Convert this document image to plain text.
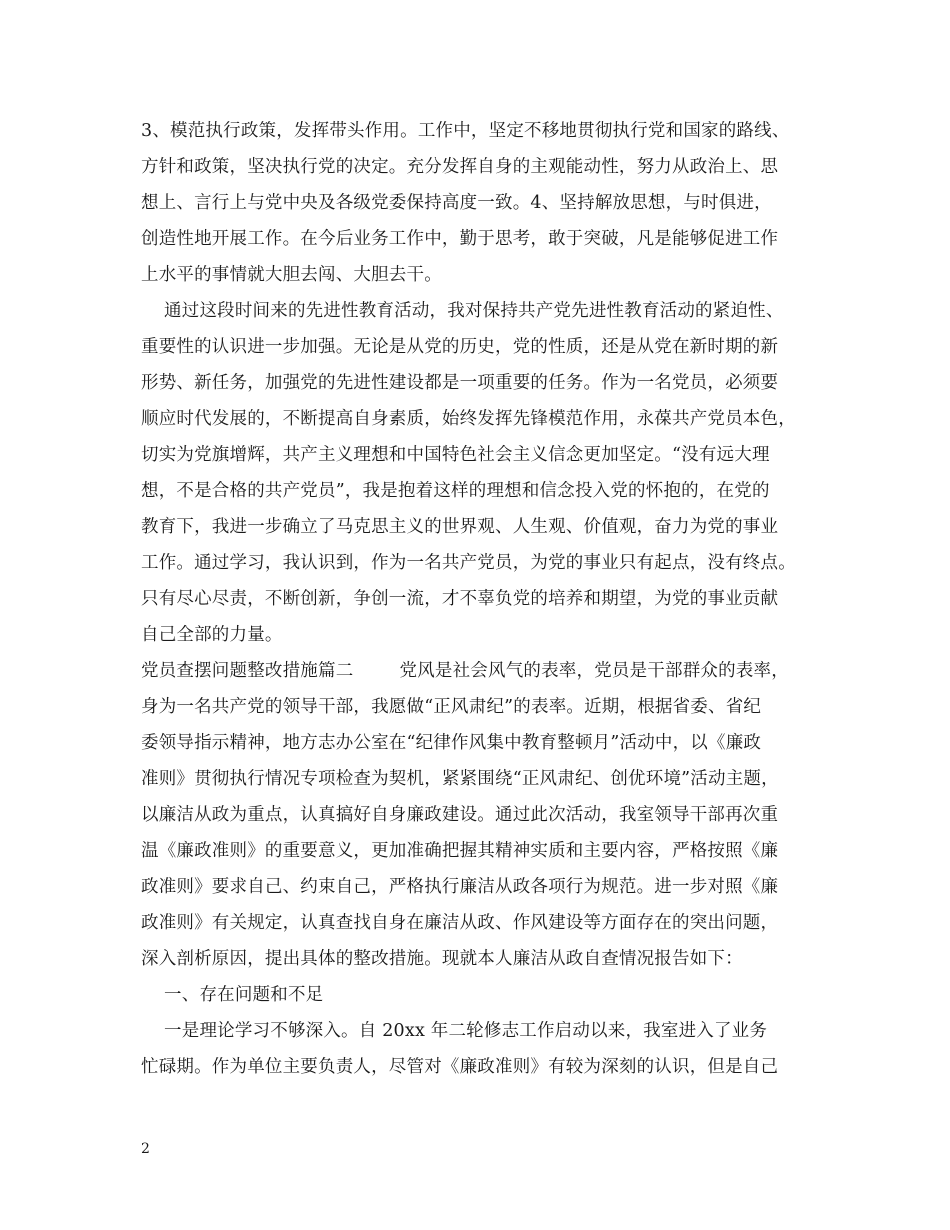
3、模范执行政策，发挥带头作用。工作中，坚定不移地贯彻执行党和国家的路线、
方针和政策，坚决执行党的决定。充分发挥自身的主观能动性，努力从政治上、思
想上、言行上与党中央及各级党委保持高度一致。4、坚持解放思想，与时俱进，
创造性地开展工作。在今后业务工作中，勤于思考，敢于突破，凡是能够促进工作
上水平的事情就大胆去闯、大胆去干。
通过这段时间来的先进性教育活动，我对保持共产党先进性教育活动的紧迫性、
重要性的认识进一步加强。无论是从党的历史，党的性质，还是从党在新时期的新
形势、新任务，加强党的先进性建设都是一项重要的任务。作为一名党员，必须要
顺应时代发展的，不断提高自身素质，始终发挥先锋模范作用，永葆共产党员本色，
切实为党旗增辉，共产主义理想和中国特色社会主义信念更加坚定。“没有远大理
想，不是合格的共产党员”，我是抱着这样的理想和信念投入党的怀抱的，在党的
教育下，我进一步确立了马克思主义的世界观、人生观、价值观，奋力为党的事业
工作。通过学习，我认识到，作为一名共产党员，为党的事业只有起点，没有终点。
只有尽心尽责，不断创新，争创一流，才不辜负党的培养和期望，为党的事业贡献
自己全部的力量。
党员查摆问题整改措施篇二        党风是社会风气的表率，党员是干部群众的表率，
身为一名共产党的领导干部，我愿做“正风肃纪”的表率。近期，根据省委、省纪
委领导指示精神，地方志办公室在“纪律作风集中教育整顿月”活动中，以《廉政
准则》贯彻执行情况专项检查为契机，紧紧围绕“正风肃纪、创优环境”活动主题，
以廉洁从政为重点，认真搞好自身廉政建设。通过此次活动，我室领导干部再次重
温《廉政准则》的重要意义，更加准确把握其精神实质和主要内容，严格按照《廉
政准则》要求自己、约束自己，严格执行廉洁从政各项行为规范。进一步对照《廉
政准则》有关规定，认真查找自身在廉洁从政、作风建设等方面存在的突出问题，
深入剖析原因，提出具体的整改措施。现就本人廉洁从政自查情况报告如下：
一、存在问题和不足
一是理论学习不够深入。自 20xx 年二轮修志工作启动以来，我室进入了业务
忙碌期。作为单位主要负责人，尽管对《廉政准则》有较为深刻的认识，但是自己
2
